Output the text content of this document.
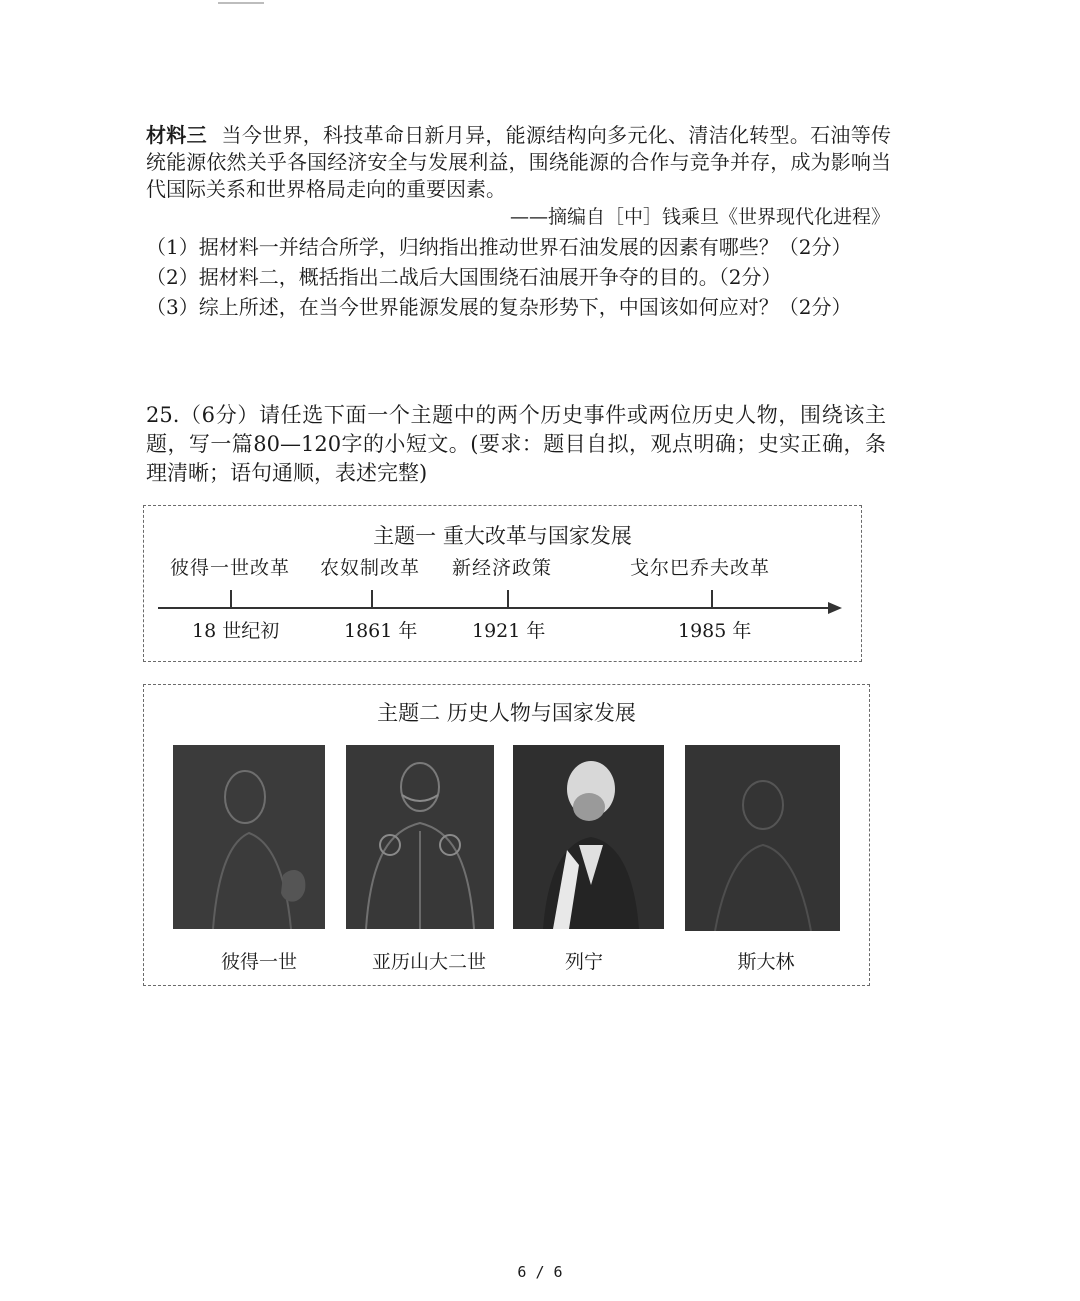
材料三 当今世界，科技革命日新月异，能源结构向多元化、清洁化转型。石油等传统能源依然关乎各国经济安全与发展利益，围绕能源的合作与竞争并存，成为影响当代国际关系和世界格局走向的重要因素。
——摘编自［中］钱乘旦《世界现代化进程》

（1）据材料一并结合所学，归纳指出推动世界石油发展的因素有哪些？（2分）

（2）据材料二，概括指出二战后大国围绕石油展开争夺的目的。（2分）

（3）综上所述，在当今世界能源发展的复杂形势下，中国该如何应对？（2分）

25.（6分）请任选下面一个主题中的两个历史事件或两位历史人物，围绕该主题，写一篇80—120字的小短文。(要求：题目自拟，观点明确；史实正确，条理清晰；语句通顺，表述完整)
主题一 重大改革与国家发展
彼得一世改革 农奴制改革 新经济政策	戈尔巴乔夫改革
18 世纪初	1861 年	1921 年	1985 年
主题二 历史人物与国家发展
彼得一世	亚历山大二世	列宁	斯大林
6 / 6
